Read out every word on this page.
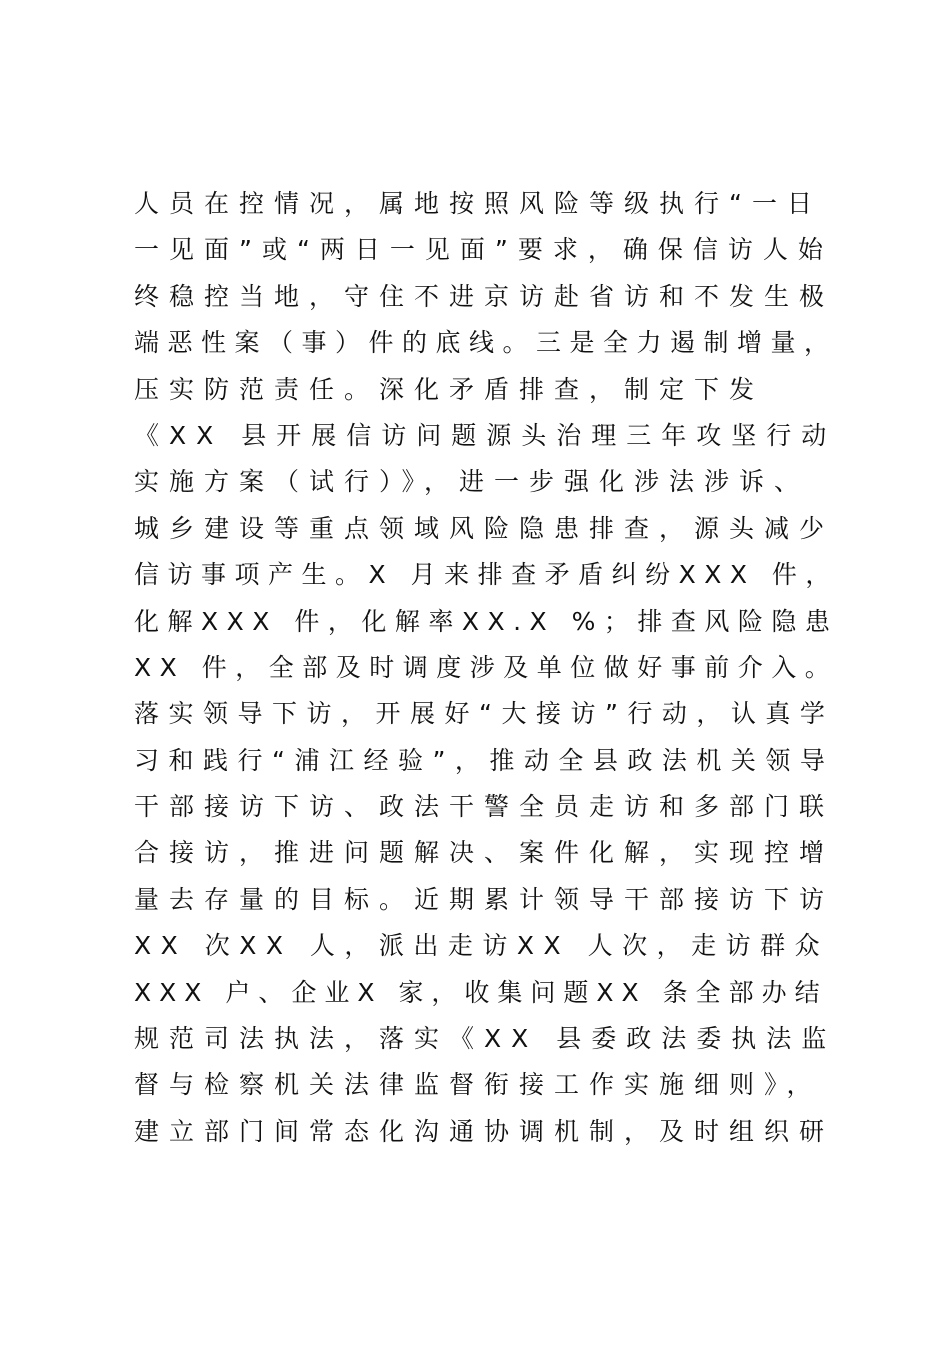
人员在控情况，属地按照风险等级执行“一日
一见面”或“两日一见面”要求，确保信访人始
终稳控当地，守住不进京访赴省访和不发生极
端恶性案（事）件的底线。三是全力遏制增量，
压实防范责任。深化矛盾排查，制定下发
《XX 县开展信访问题源头治理三年攻坚行动
实施方案（试行）》，进一步强化涉法涉诉、
城乡建设等重点领域风险隐患排查，源头减少
信访事项产生。X 月来排查矛盾纠纷XXX 件，
化解XXX 件，化解率XX.X %；排查风险隐患
XX 件，全部及时调度涉及单位做好事前介入。
落实领导下访，开展好“大接访”行动，认真学
习和践行“浦江经验”，推动全县政法机关领导
干部接访下访、政法干警全员走访和多部门联
合接访，推进问题解决、案件化解，实现控增
量去存量的目标。近期累计领导干部接访下访
XX 次XX 人，派出走访XX 人次，走访群众
XXX 户、企业X 家，收集问题XX 条全部办结
规范司法执法，落实《XX 县委政法委执法监
督与检察机关法律监督衔接工作实施细则》，
建立部门间常态化沟通协调机制，及时组织研
